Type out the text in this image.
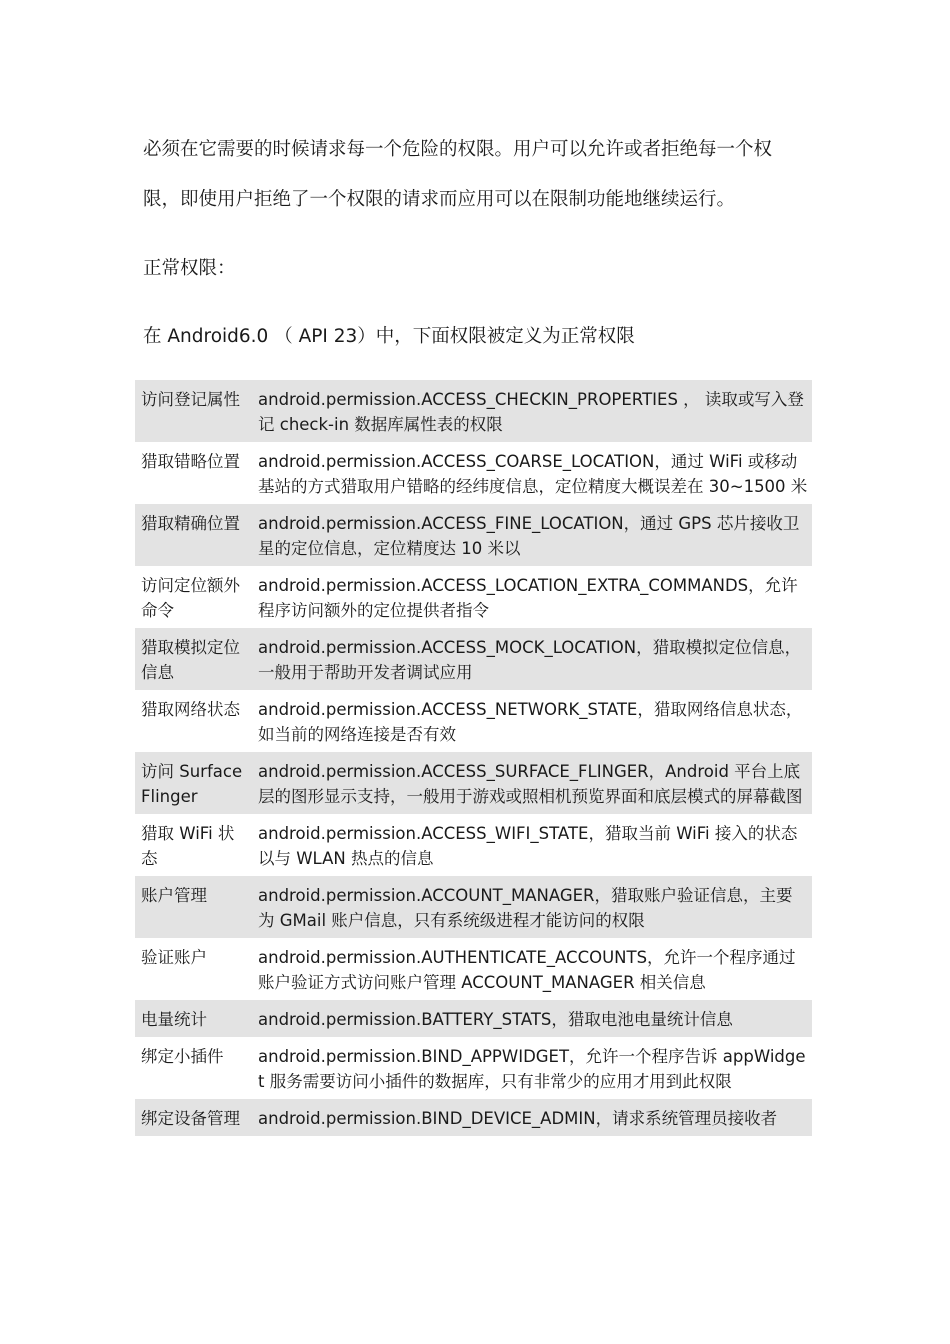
必须在它需要的时候请求每一个危险的权限。用户可以允许或者拒绝每一个权

限，即使用户拒绝了一个权限的请求而应用可以在限制功能地继续运行。

正常权限：

在 Android6.0 （ API 23）中，下面权限被定义为正常权限

访问登记属性	android.permission.ACCESS_CHECKIN_PROPERTIES ， 读取或写入登记 check-in 数据库属性表的权限
猎取错略位置	android.permission.ACCESS_COARSE_LOCATION，通过 WiFi 或移动基站的方式猎取用户错略的经纬度信息，定位精度大概误差在 30~1500 米
猎取精确位置	android.permission.ACCESS_FINE_LOCATION，通过 GPS 芯片接收卫星的定位信息，定位精度达 10 米以
访问定位额外命令	android.permission.ACCESS_LOCATION_EXTRA_COMMANDS，允许程序访问额外的定位提供者指令
猎取模拟定位信息	android.permission.ACCESS_MOCK_LOCATION，猎取模拟定位信息，一般用于帮助开发者调试应用
猎取网络状态	android.permission.ACCESS_NETWORK_STATE，猎取网络信息状态，如当前的网络连接是否有效
访问 Surface Flinger	android.permission.ACCESS_SURFACE_FLINGER，Android 平台上底层的图形显示支持，一般用于游戏或照相机预览界面和底层模式的屏幕截图
猎取 WiFi 状态	android.permission.ACCESS_WIFI_STATE，猎取当前 WiFi 接入的状态以与 WLAN 热点的信息
账户管理	android.permission.ACCOUNT_MANAGER，猎取账户验证信息，主要为 GMail 账户信息，只有系统级进程才能访问的权限
验证账户	android.permission.AUTHENTICATE_ACCOUNTS，允许一个程序通过账户验证方式访问账户管理 ACCOUNT_MANAGER 相关信息
电量统计	android.permission.BATTERY_STATS，猎取电池电量统计信息
绑定小插件	android.permission.BIND_APPWIDGET，允许一个程序告诉 appWidget 服务需要访问小插件的数据库，只有非常少的应用才用到此权限
绑定设备管理	android.permission.BIND_DEVICE_ADMIN，请求系统管理员接收者
